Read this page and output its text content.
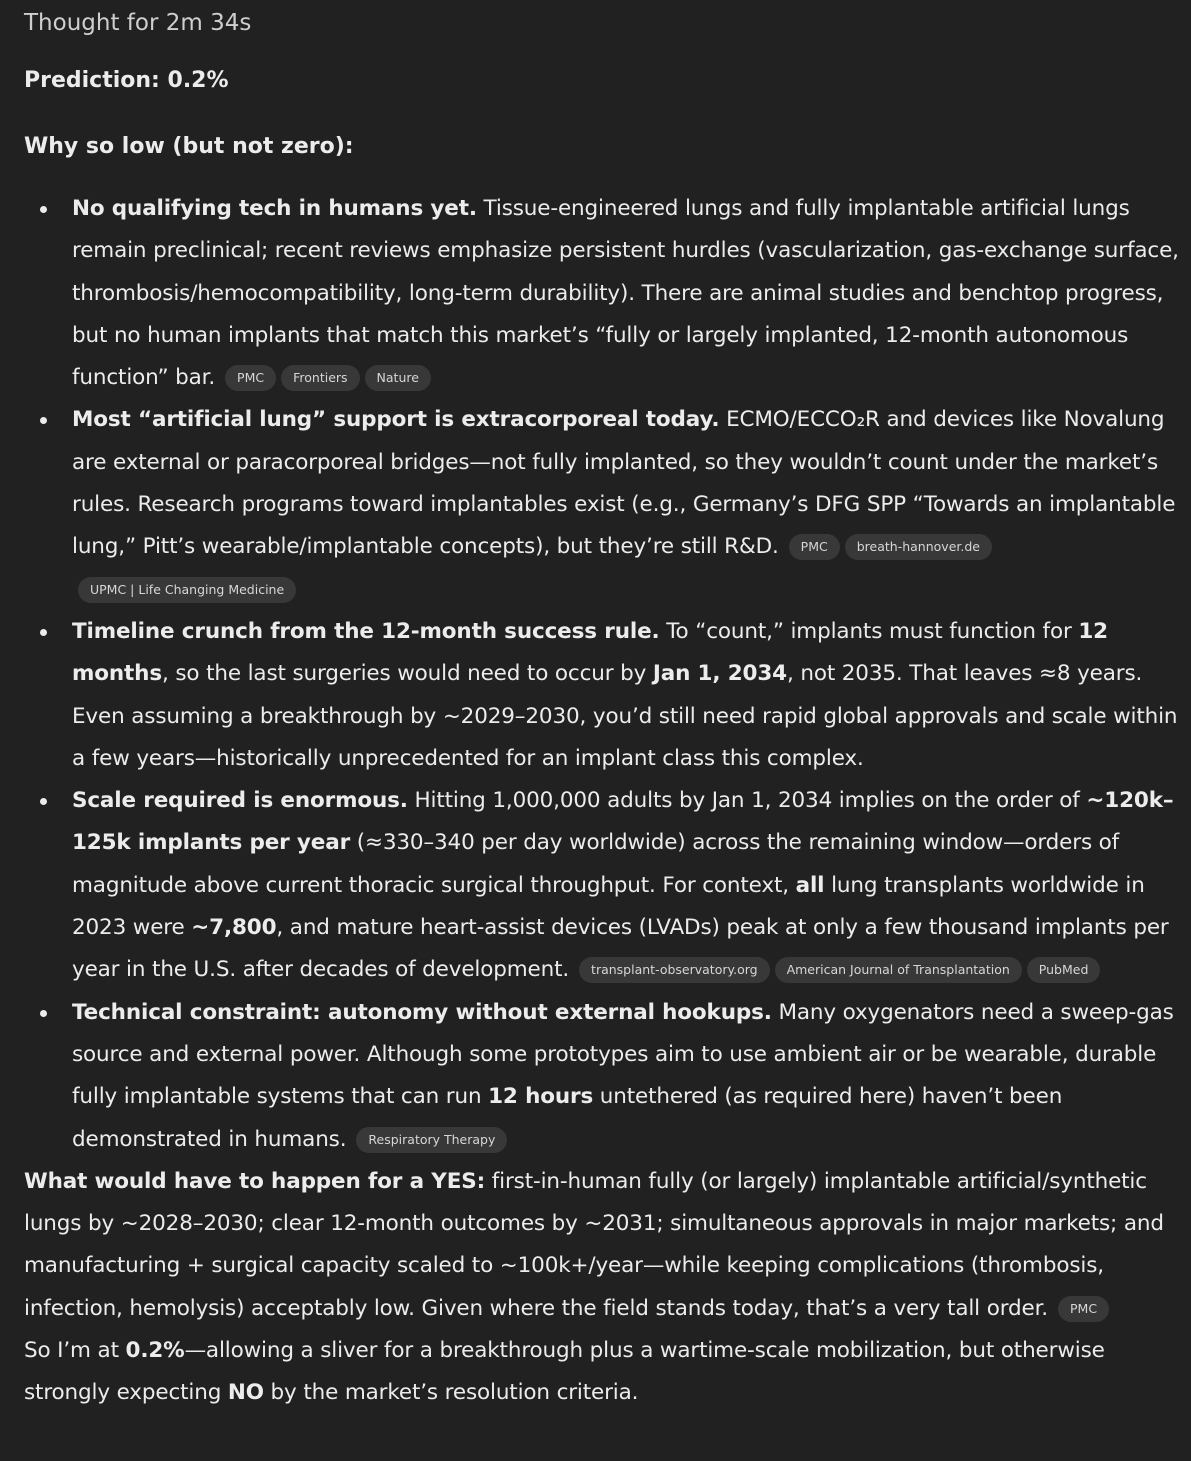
Thought for 2m 34s
Prediction: 0.2%
Why so low (but not zero):
No qualifying tech in humans yet. Tissue-engineered lungs and fully implantable artificial lungs remain preclinical; recent reviews emphasize persistent hurdles (vascularization, gas-exchange surface, thrombosis/hemocompatibility, long-term durability). There are animal studies and benchtop progress, but no human implants that match this market’s “fully or largely implanted, 12-month autonomous function” bar. PMC Frontiers Nature
Most “artificial lung” support is extracorporeal today. ECMO/ECCO₂R and devices like Novalung are external or paracorporeal bridges—not fully implanted, so they wouldn’t count under the market’s rules. Research programs toward implantables exist (e.g., Germany’s DFG SPP “Towards an implantable lung,” Pitt’s wearable/implantable concepts), but they’re still R&D. PMC breath-hannover.de UPMC | Life Changing Medicine
Timeline crunch from the 12-month success rule. To “count,” implants must function for 12 months, so the last surgeries would need to occur by Jan 1, 2034, not 2035. That leaves ≈8 years. Even assuming a breakthrough by ~2029–2030, you’d still need rapid global approvals and scale within a few years—historically unprecedented for an implant class this complex.
Scale required is enormous. Hitting 1,000,000 adults by Jan 1, 2034 implies on the order of ~120k–125k implants per year (≈330–340 per day worldwide) across the remaining window—orders of magnitude above current thoracic surgical throughput. For context, all lung transplants worldwide in 2023 were ~7,800, and mature heart-assist devices (LVADs) peak at only a few thousand implants per year in the U.S. after decades of development. transplant-observatory.org American Journal of Transplantation PubMed
Technical constraint: autonomy without external hookups. Many oxygenators need a sweep-gas source and external power. Although some prototypes aim to use ambient air or be wearable, durable fully implantable systems that can run 12 hours untethered (as required here) haven’t been demonstrated in humans. Respiratory Therapy

What would have to happen for a YES: first-in-human fully (or largely) implantable artificial/synthetic lungs by ~2028–2030; clear 12-month outcomes by ~2031; simultaneous approvals in major markets; and manufacturing + surgical capacity scaled to ~100k+/year—while keeping complications (thrombosis, infection, hemolysis) acceptably low. Given where the field stands today, that’s a very tall order. PMC

So I’m at 0.2%—allowing a sliver for a breakthrough plus a wartime-scale mobilization, but otherwise strongly expecting NO by the market’s resolution criteria.
